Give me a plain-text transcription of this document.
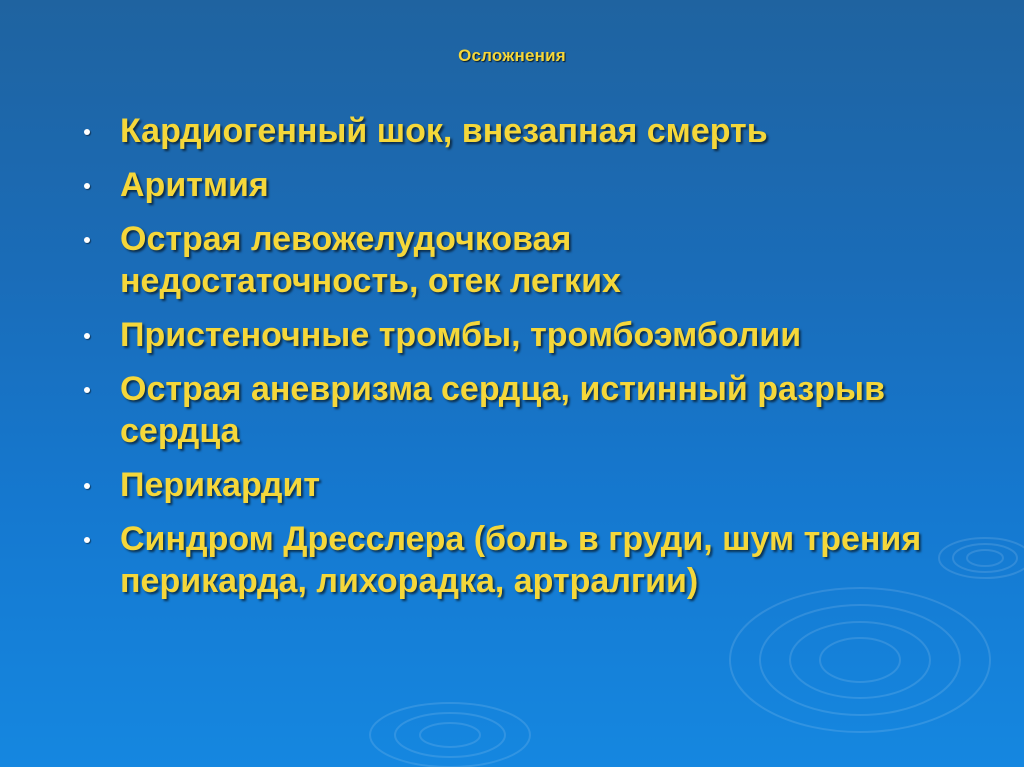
Осложнения
Кардиогенный шок, внезапная смерть
Аритмия
Острая левожелудочковая недостаточность, отек легких
Пристеночные тромбы, тромбоэмболии
Острая аневризма сердца, истинный разрыв сердца
Перикардит
Синдром Дресслера (боль в груди, шум трения перикарда, лихорадка, артралгии)
